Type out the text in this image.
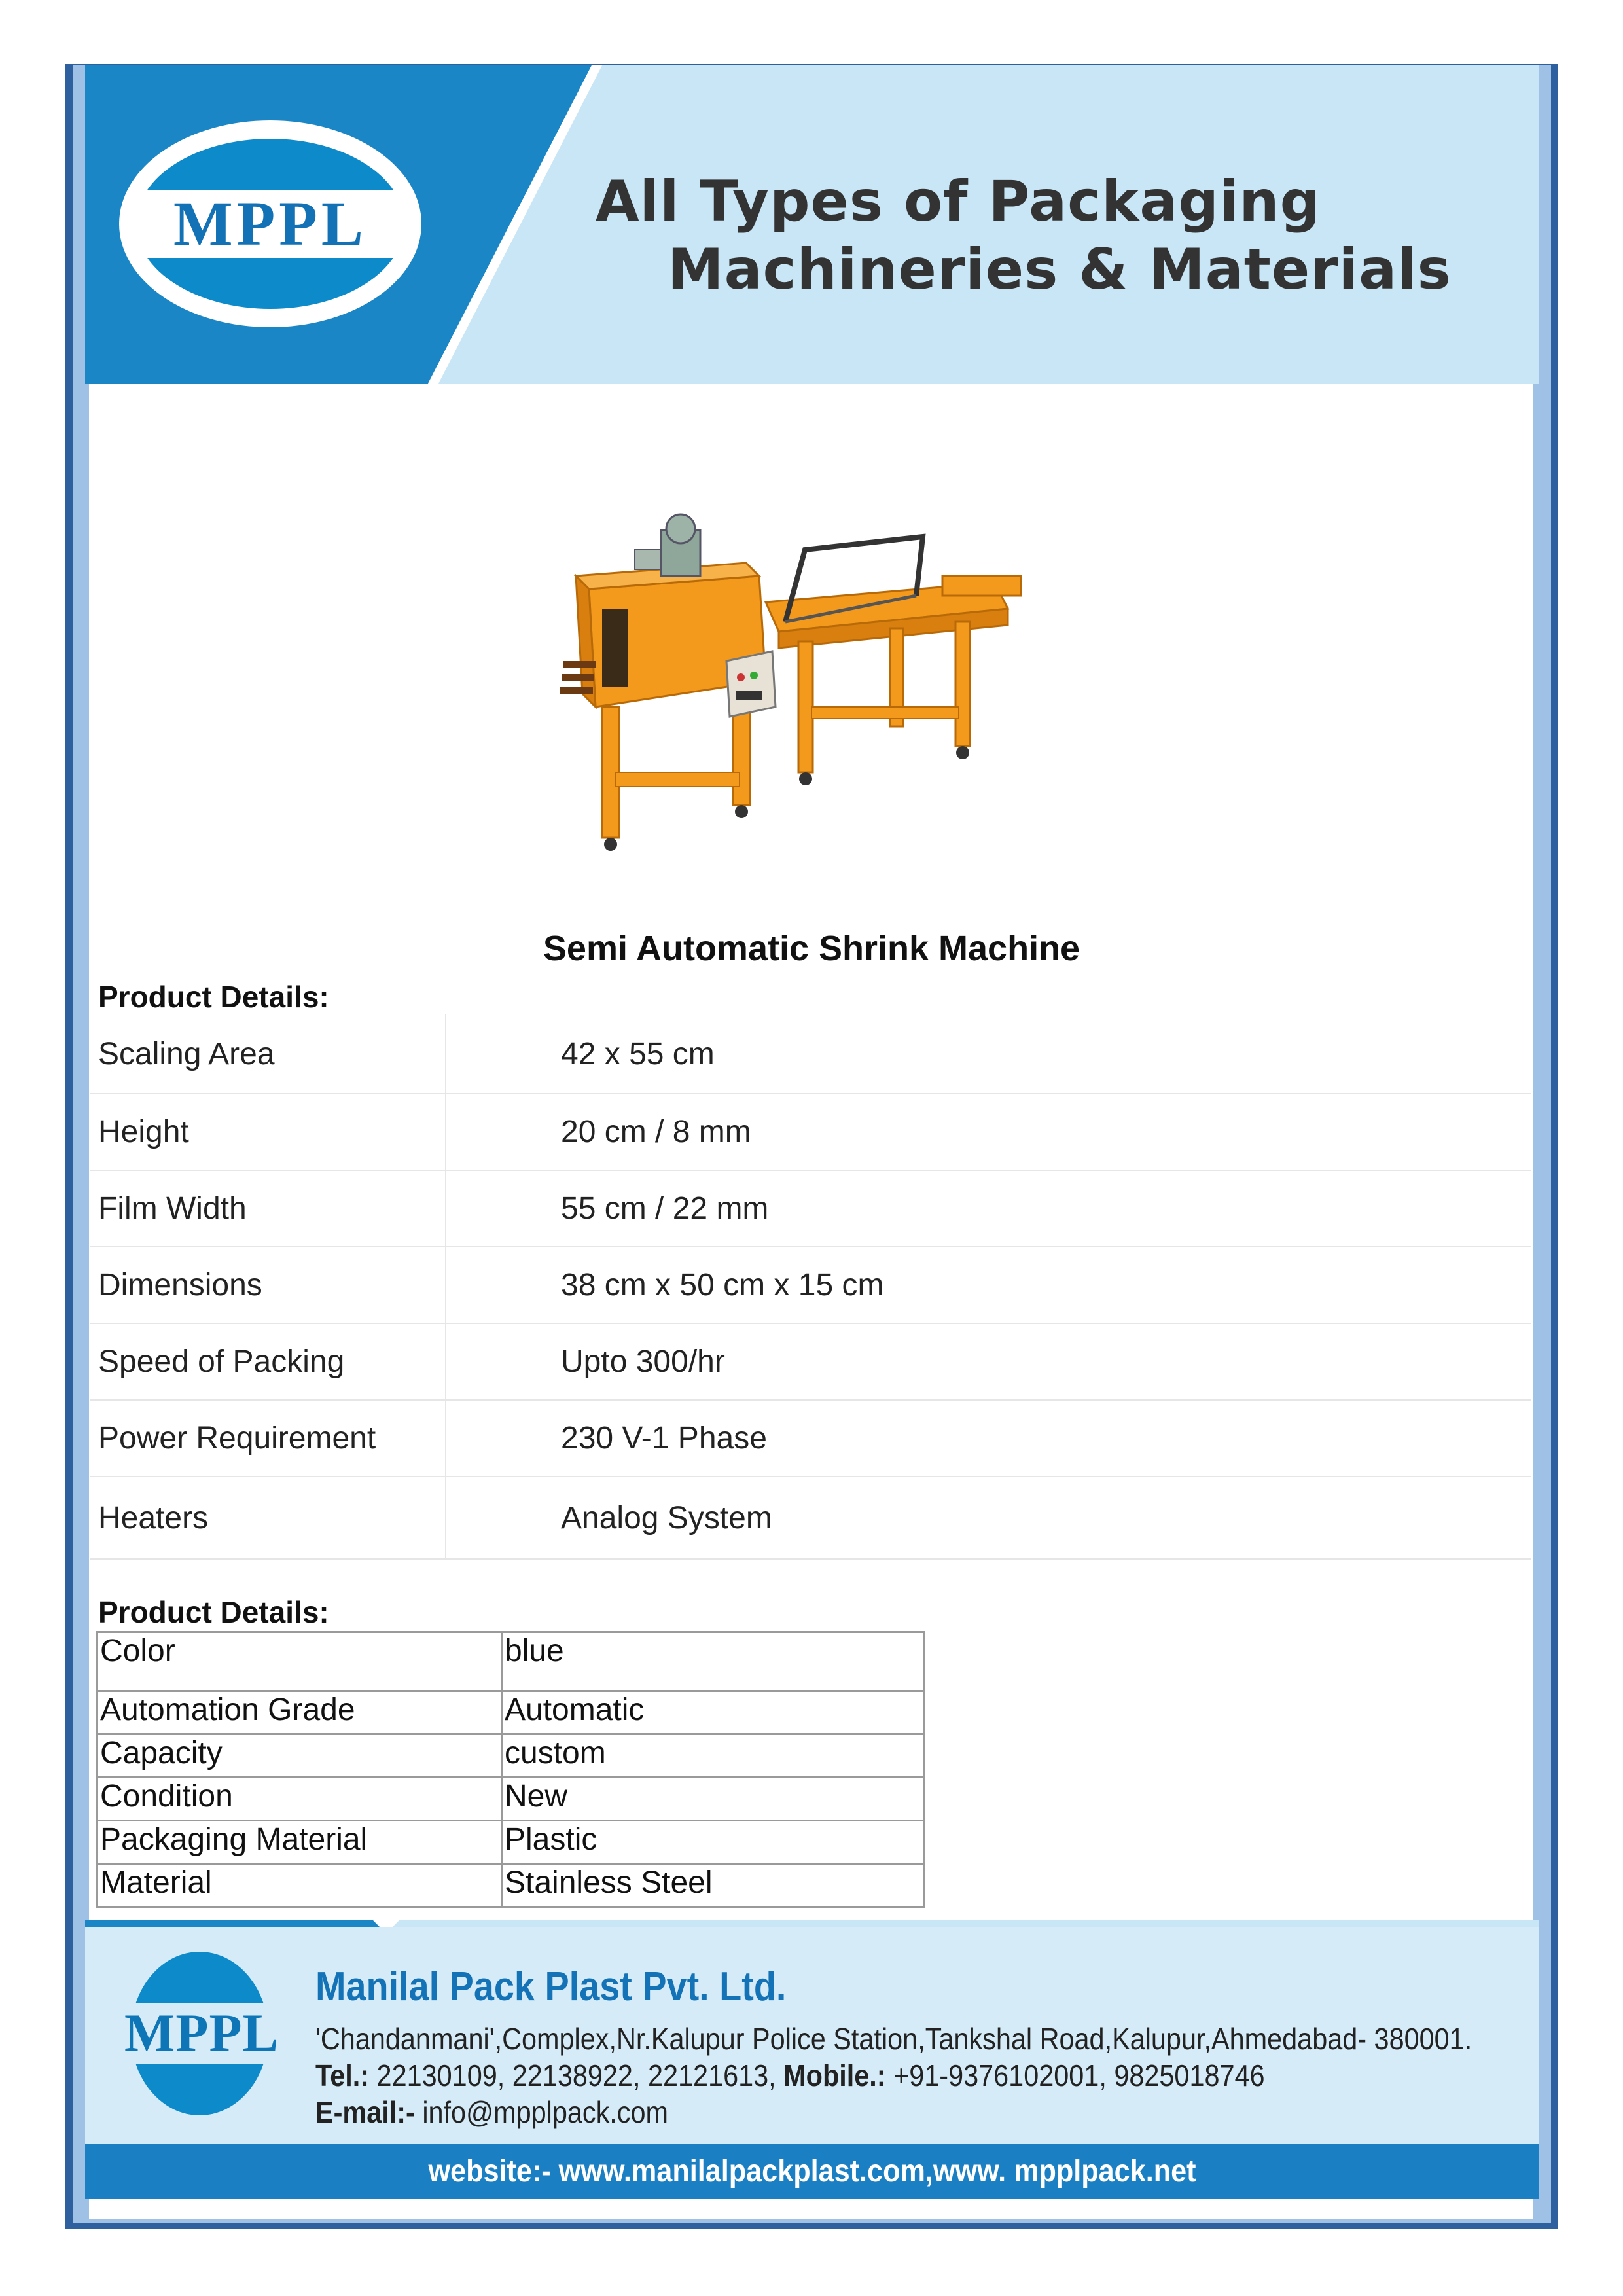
MPPL	All Types of Packaging
Machineries & Materials
Semi Automatic Shrink Machine
Product Details:
Scaling Area	42 x 55 cm
Height	20 cm / 8 mm
Film Width	55 cm / 22 mm
Dimensions	38 cm x 50 cm x 15 cm
Speed of Packing	Upto 300/hr
Power Requirement	230 V-1 Phase
Heaters	Analog System
Product Details:
Color	blue
Automation Grade	Automatic
Capacity	custom
Condition	New
Packaging Material	Plastic
Material	Stainless Steel
MPPL
Manilal Pack Plast Pvt. Ltd.
'Chandanmani',Complex,Nr.Kalupur Police Station,Tankshal Road,Kalupur,Ahmedabad- 380001.
Tel.: 22130109, 22138922, 22121613, Mobile.: +91-9376102001, 9825018746
E-mail:- info@mpplpack.com
website:- www.manilalpackplast.com,www. mpplpack.net
